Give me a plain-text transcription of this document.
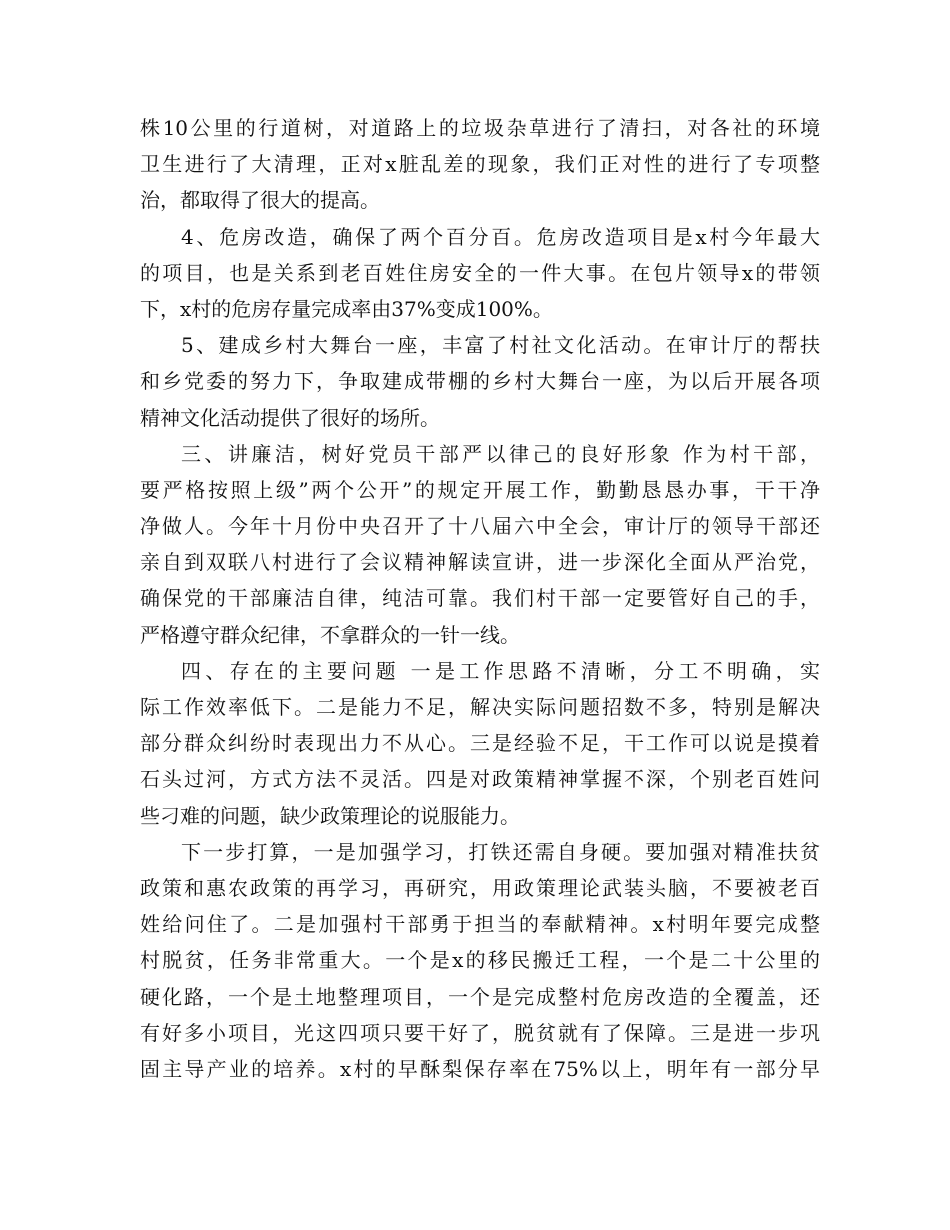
株10公里的行道树，对道路上的垃圾杂草进行了清扫，对各社的环境
卫生进行了大清理，正对x脏乱差的现象，我们正对性的进行了专项整
治，都取得了很大的提高。
4、危房改造，确保了两个百分百。危房改造项目是x村今年最大
的项目，也是关系到老百姓住房安全的一件大事。在包片领导x的带领
下，x村的危房存量完成率由37%变成100%。
5、建成乡村大舞台一座，丰富了村社文化活动。在审计厅的帮扶
和乡党委的努力下，争取建成带棚的乡村大舞台一座，为以后开展各项
精神文化活动提供了很好的场所。
三、讲廉洁，树好党员干部严以律己的良好形象 作为村干部，
要严格按照上级”两个公开”的规定开展工作，勤勤恳恳办事，干干净
净做人。今年十月份中央召开了十八届六中全会，审计厅的领导干部还
亲自到双联八村进行了会议精神解读宣讲，进一步深化全面从严治党，
确保党的干部廉洁自律，纯洁可靠。我们村干部一定要管好自己的手，
严格遵守群众纪律，不拿群众的一针一线。
四、存在的主要问题 一是工作思路不清晰，分工不明确，实
际工作效率低下。二是能力不足，解决实际问题招数不多，特别是解决
部分群众纠纷时表现出力不从心。三是经验不足，干工作可以说是摸着
石头过河，方式方法不灵活。四是对政策精神掌握不深，个别老百姓问
些刁难的问题，缺少政策理论的说服能力。
下一步打算，一是加强学习，打铁还需自身硬。要加强对精准扶贫
政策和惠农政策的再学习，再研究，用政策理论武装头脑，不要被老百
姓给问住了。二是加强村干部勇于担当的奉献精神。x村明年要完成整
村脱贫，任务非常重大。一个是x的移民搬迁工程，一个是二十公里的
硬化路，一个是土地整理项目，一个是完成整村危房改造的全覆盖，还
有好多小项目，光这四项只要干好了，脱贫就有了保障。三是进一步巩
固主导产业的培养。x村的早酥梨保存率在75%以上，明年有一部分早
